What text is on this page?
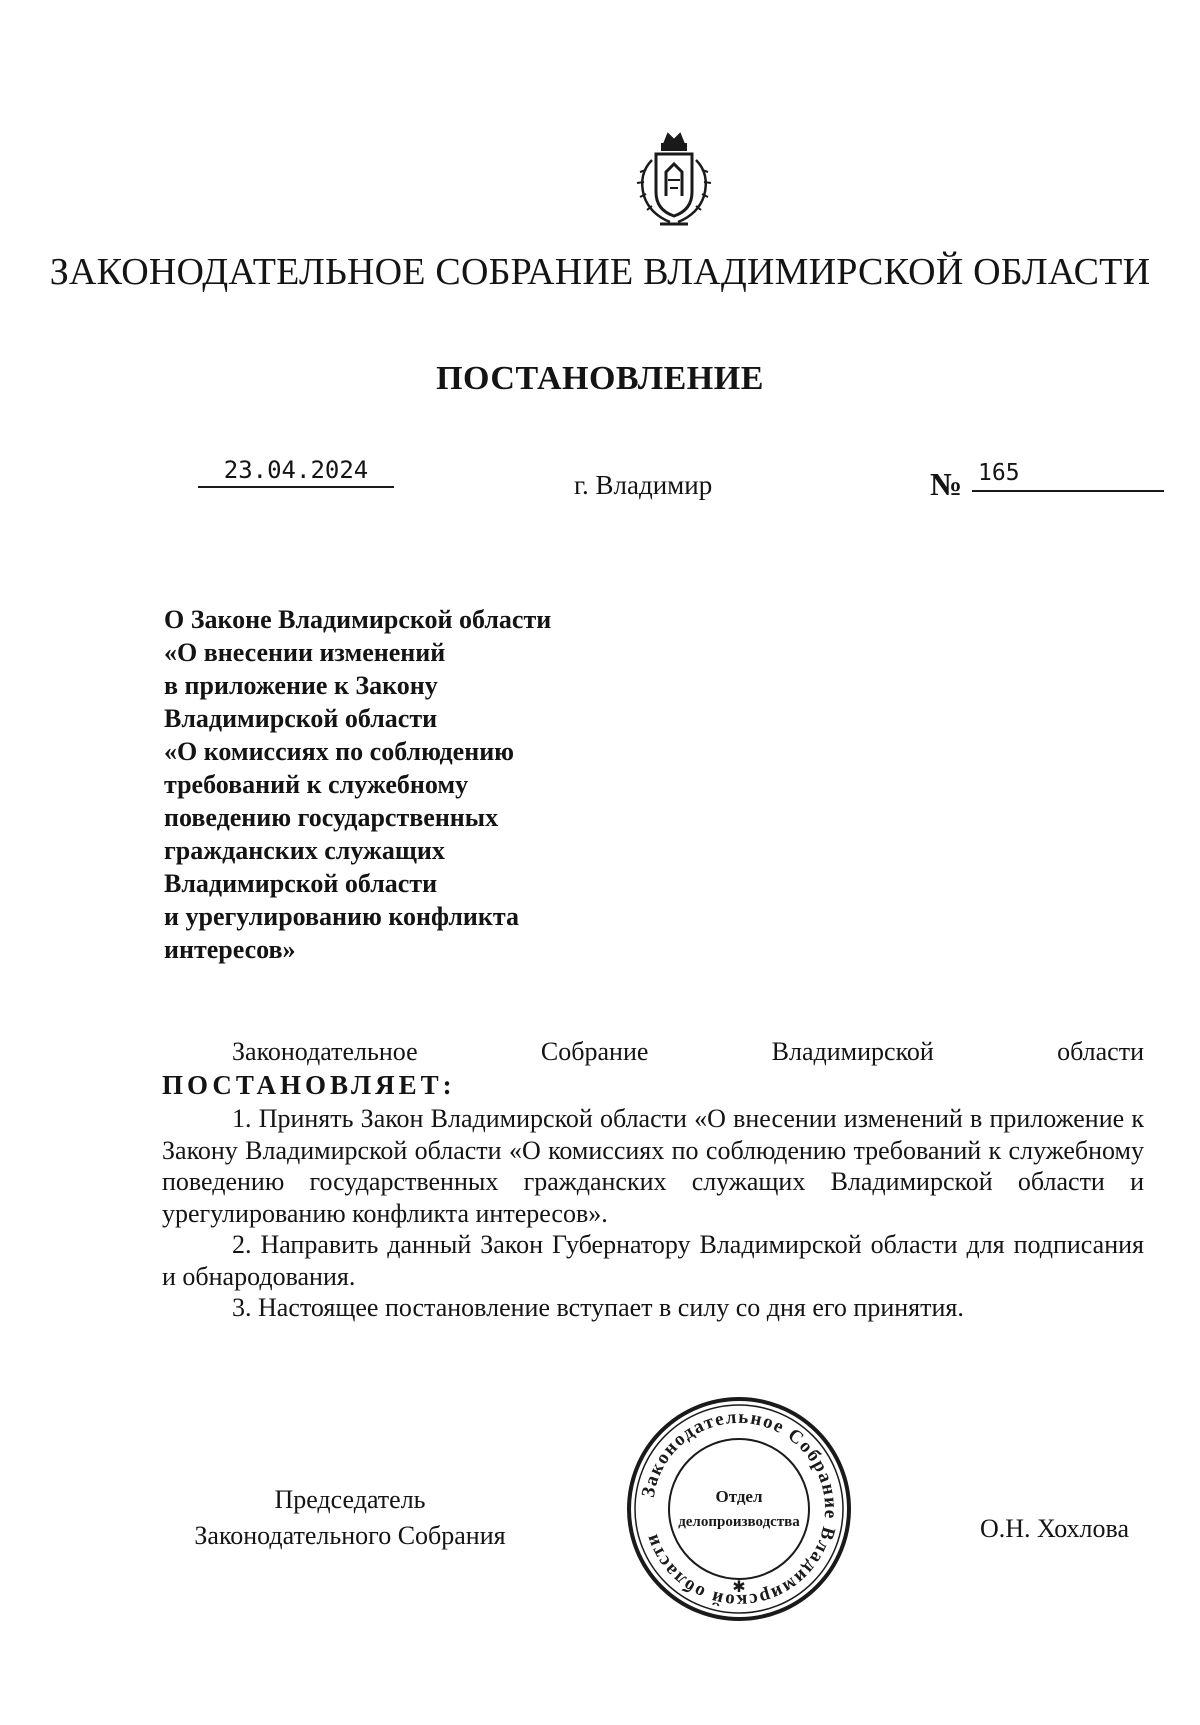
ЗАКОНОДАТЕЛЬНОЕ СОБРАНИЕ ВЛАДИМИРСКОЙ ОБЛАСТИ
ПОСТАНОВЛЕНИЕ
23.04.2024	г. Владимир	№ 165
О Законе Владимирской области
«О внесении изменений
в приложение к Закону
Владимирской области
«О комиссиях по соблюдению
требований к служебному
поведению государственных
гражданских служащих
Владимирской области
и урегулированию конфликта
интересов»
Законодательное	Собрание	Владимирской	области
ПОСТАНОВЛЯЕТ:

1. Принять Закон Владимирской области «О внесении изменений в приложение к Закону Владимирской области «О комиссиях по соблюдению требований к служебному поведению государственных гражданских служащих Владимирской области и урегулированию конфликта интересов».

2. Направить данный Закон Губернатору Владимирской области для подписания и обнародования.

3. Настоящее постановление вступает в силу со дня его принятия.

Председатель
Законодательного Собрания	О.Н. Хохлова
Законодательное Собрание Владимирской области
✱
Отдел
делопроизводства
